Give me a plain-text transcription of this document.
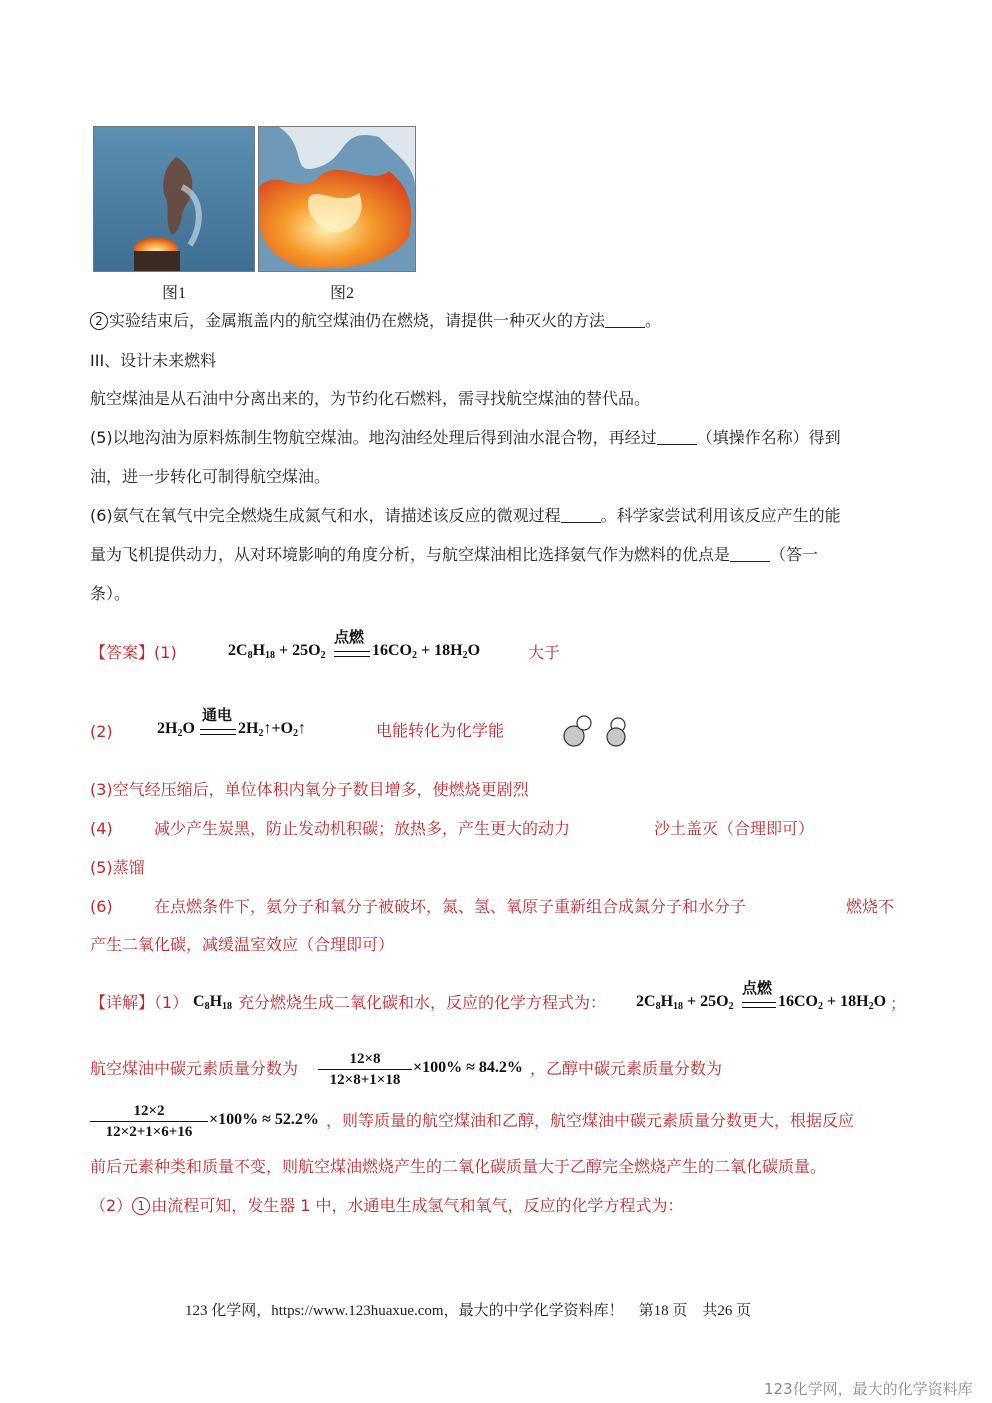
图1	图2
2 实验结束后，金属瓶盖内的航空煤油仍在燃烧，请提供一种灭火的方法	。
III、设计未来燃料
航空煤油是从石油中分离出来的，为节约化石燃料，需寻找航空煤油的替代品。
(5)以地沟油为原料炼制生物航空煤油。地沟油经处理后得到油水混合物，再经过	（填操作名称）得到
油，进一步转化可制得航空煤油。
(6)氨气在氧气中完全燃烧生成氮气和水，请描述该反应的微观过程	。科学家尝试利用该反应产生的能
量为飞机提供动力，从对环境影响的角度分析，与航空煤油相比选择氨气作为燃料的优点是	（答一
条）。
【答案】(1)
点燃
$2C_8H_{18} + 25O_2$	$16CO_2 + 18H_2O$	大于
(2)
通电
$2H_2O$	$2H_2↑+O_2↑$	电能转化为化学能
(3)空气经压缩后，单位体积内氧分子数目增多，使燃烧更剧烈
(4)	减少产生炭黑，防止发动机积碳；放热多，产生更大的动力	沙土盖灭（合理即可）
(5)蒸馏
(6)	在点燃条件下，氨分子和氧分子被破坏，氮、氢、氧原子重新组合成氮分子和水分子	燃烧不
产生二氧化碳，减缓温室效应（合理即可）
【详解】（1） $C_8H_{18}$ 充分燃烧生成二氧化碳和水，反应的化学方程式为： $2C_8H_{18} + 25O_2$
点燃
$16CO_2 + 18H_2O$ ；
航空煤油中碳元素质量分数为	12×8
12×8+1×18
×100% ≈ 84.2% ，乙醇中碳元素质量分数为
12×2
12×2+1×6+16
×100% ≈ 52.2% ，则等质量的航空煤油和乙醇，航空煤油中碳元素质量分数更大，根据反应
前后元素种类和质量不变，则航空煤油燃烧产生的二氧化碳质量大于乙醇完全燃烧产生的二氧化碳质量。
（2） 1 由流程可知，发生器 1 中，水通电生成氢气和氧气，反应的化学方程式为：
123 化学网，https://www.123huaxue.com，最大的中学化学资料库！　第18 页　共26 页
123化学网，最大的化学资料库
